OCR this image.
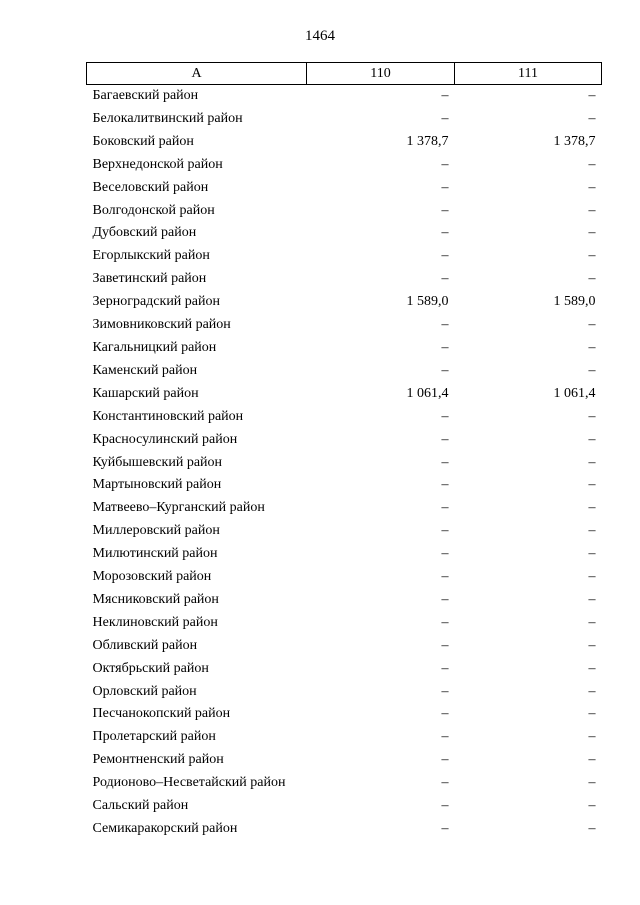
1464
А	110	111
Багаевский район	–	–
Белокалитвинский район	–	–
Боковский район	1 378,7	1 378,7
Верхнедонской район	–	–
Веселовский район	–	–
Волгодонской район	–	–
Дубовский район	–	–
Егорлыкский район	–	–
Заветинский район	–	–
Зерноградский район	1 589,0	1 589,0
Зимовниковский район	–	–
Кагальницкий район	–	–
Каменский район	–	–
Кашарский район	1 061,4	1 061,4
Константиновский район	–	–
Красносулинский район	–	–
Куйбышевский район	–	–
Мартыновский район	–	–
Матвеево–Курганский район	–	–
Миллеровский район	–	–
Милютинский район	–	–
Морозовский район	–	–
Мясниковский район	–	–
Неклиновский район	–	–
Обливский район	–	–
Октябрьский район	–	–
Орловский район	–	–
Песчанокопский район	–	–
Пролетарский район	–	–
Ремонтненский район	–	–
Родионово–Несветайский район	–	–
Сальский район	–	–
Семикаракорский район	–	–
